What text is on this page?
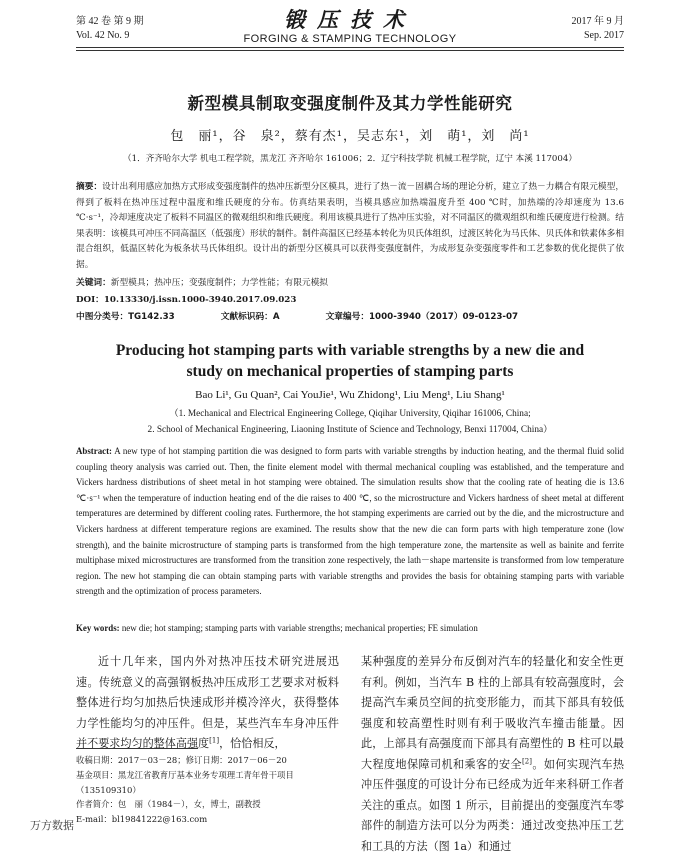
第 42 卷 第 9 期
Vol. 42 No. 9
锻压技术
FORGING & STAMPING TECHNOLOGY
2017 年 9 月
Sep. 2017
新型模具制取变强度制件及其力学性能研究
包　丽¹，谷　泉²，蔡有杰¹，吴志东¹，刘　萌¹，刘　尚¹
（1．齐齐哈尔大学 机电工程学院，黑龙江 齐齐哈尔 161006；2．辽宁科技学院 机械工程学院，辽宁 本溪 117004）
摘要：设计出利用感应加热方式形成变强度制件的热冲压新型分区模具，进行了热－流－固耦合场的理论分析，建立了热－力耦合有限元模型，得到了板料在热冲压过程中温度和维氏硬度的分布。仿真结果表明，当模具感应加热端温度升至 400 ℃时，加热端的冷却速度为 13.6 ℃·s⁻¹，冷却速度决定了板料不同温区的微观组织和维氏硬度。利用该模具进行了热冲压实验，对不同温区的微观组织和维氏硬度进行检测。结果表明：该模具可冲压不同高温区（低强度）形状的制件。制件高温区已经基本转化为贝氏体组织，过渡区转化为马氏体、贝氏体和铁素体多相混合组织，低温区转化为板条状马氏体组织。设计出的新型分区模具可以获得变强度制件，为成形复杂变强度零件和工艺参数的优化提供了依据。
关键词：新型模具；热冲压；变强度制件；力学性能；有限元模拟
DOI：10.13330/j.issn.1000-3940.2017.09.023
中图分类号：TG142.33	文献标识码：A	文章编号：1000-3940（2017）09-0123-07
Producing hot stamping parts with variable strengths by a new die and study on mechanical properties of stamping parts
Bao Li¹, Gu Quan², Cai YouJie¹, Wu Zhidong¹, Liu Meng¹, Liu Shang¹
（1. Mechanical and Electrical Engineering College, Qiqihar University, Qiqihar 161006, China;
2. School of Mechanical Engineering, Liaoning Institute of Science and Technology, Benxi 117004, China）
Abstract: A new type of hot stamping partition die was designed to form parts with variable strengths by induction heating, and the thermal fluid solid coupling theory analysis was carried out. Then, the finite element model with thermal mechanical coupling was established, and the temperature and Vickers hardness distributions of sheet metal in hot stamping were obtained. The simulation results show that the cooling rate of heating die is 13.6 ℃·s⁻¹ when the temperature of induction heating end of the die raises to 400 ℃, so the microstructure and Vickers hardness of sheet metal at different temperatures are determined by different cooling rates. Furthermore, the hot stamping experiments are carried out by the die, and the microstructure and Vickers hardness at different temperature regions are examined. The results show that the new die can form parts with high temperature zone (low strength), and the bainite microstructure of stamping parts is transformed from the high temperature zone, the martensite as well as bainite and ferrite multiphase mixed microstructures are transformed from the transition zone respectively, the lath－shape martensite is transformed from low temperature region. The new hot stamping die can obtain stamping parts with variable strengths and provides the basis for obtaining stamping parts with variable strength and the optimization of process parameters.
Key words: new die; hot stamping; stamping parts with variable strengths; mechanical properties; FE simulation
近十几年来，国内外对热冲压技术研究进展迅速。传统意义的高强钢板热冲压成形工艺要求对板料整体进行均匀加热后快速成形并模冷淬火，获得整体力学性能均匀的冲压件。但是，某些汽车车身冲压件并不要求均匀的整体高强度[1]，恰恰相反，
某种强度的差异分布反倒对汽车的轻量化和安全性更有利。例如，当汽车 B 柱的上部具有较高强度时，会提高汽车乘员空间的抗变形能力，而其下部具有较低强度和较高塑性时则有利于吸收汽车撞击能量。因此，上部具有高强度而下部具有高塑性的 B 柱可以最大程度地保障司机和乘客的安全[2]。如何实现汽车热冲压件强度的可设计分布已经成为近年来科研工作者关注的重点。如图 1 所示，目前提出的变强度汽车零部件的制造方法可以分为两类：通过改变热冲压工艺和工具的方法（图 1a）和通过
收稿日期：2017－03－28；修订日期：2017－06－20
基金项目：黑龙江省教育厅基本业务专项理工青年骨干项目（135109310）
作者简介：包　丽（1984－），女，博士，副教授
E-mail：bl19841222@163.com
万方数据
